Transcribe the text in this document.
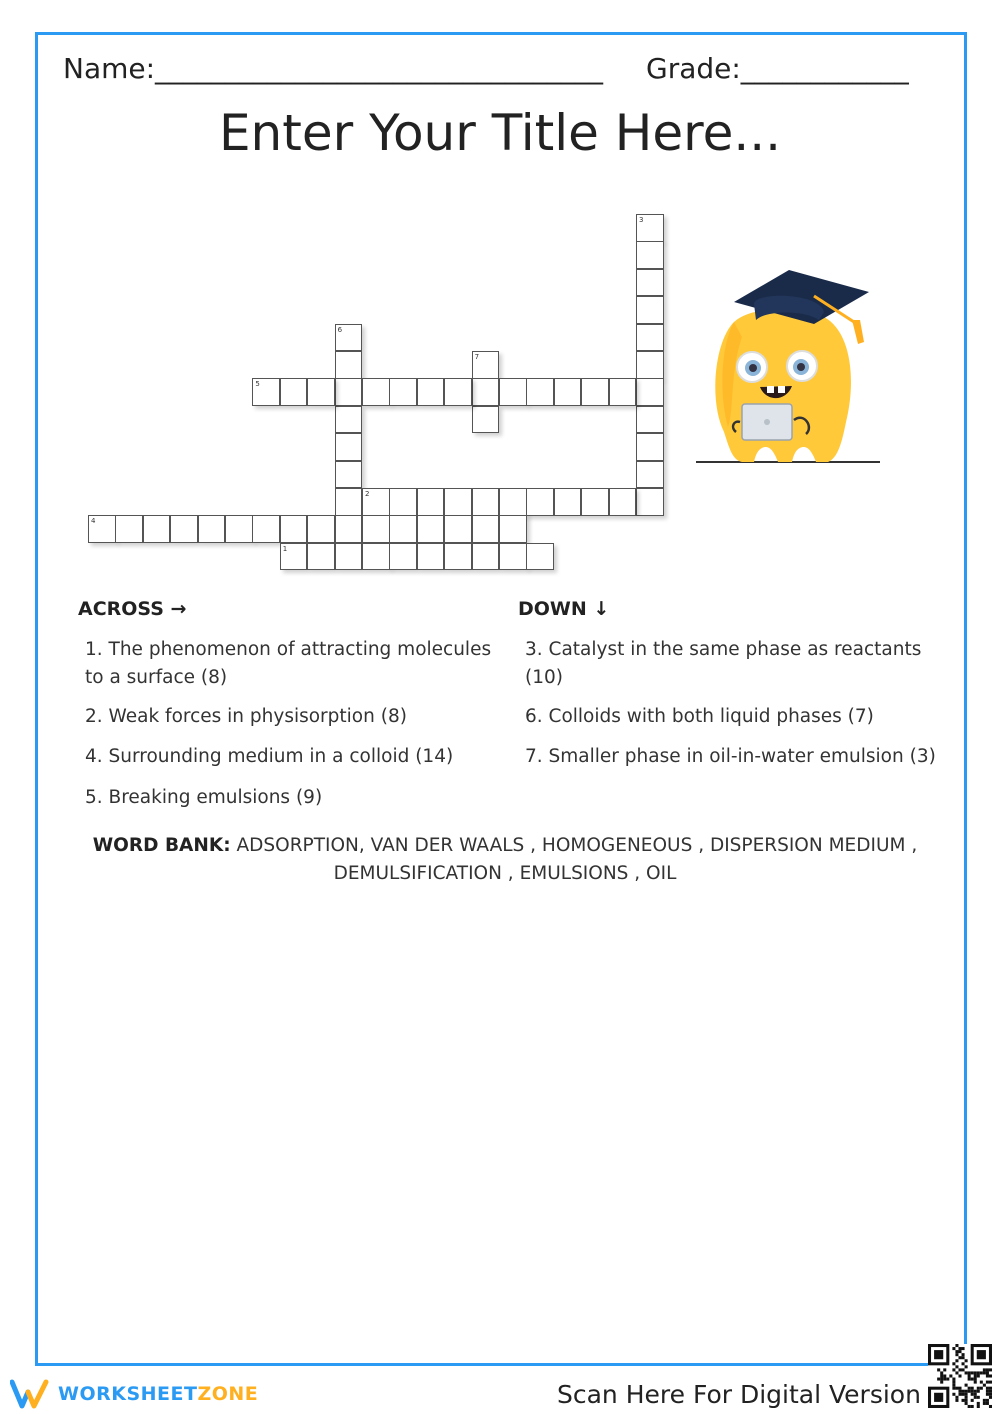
Name:________________________________ Grade:____________
Enter Your Title Here...
3
6
7
5
2
4
1
ACROSS →	DOWN ↓
1. The phenomenon of attracting molecules to a surface (8)
2. Weak forces in physisorption (8)
4. Surrounding medium in a colloid (14)
5. Breaking emulsions (9)
3. Catalyst in the same phase as reactants (10)
6. Colloids with both liquid phases (7)
7. Smaller phase in oil-in-water emulsion (3)
WORD BANK: ADSORPTION, VAN DER WAALS , HOMOGENEOUS , DISPERSION MEDIUM , DEMULSIFICATION , EMULSIONS , OIL
WORKSHEETZONE	Scan Here For Digital Version
